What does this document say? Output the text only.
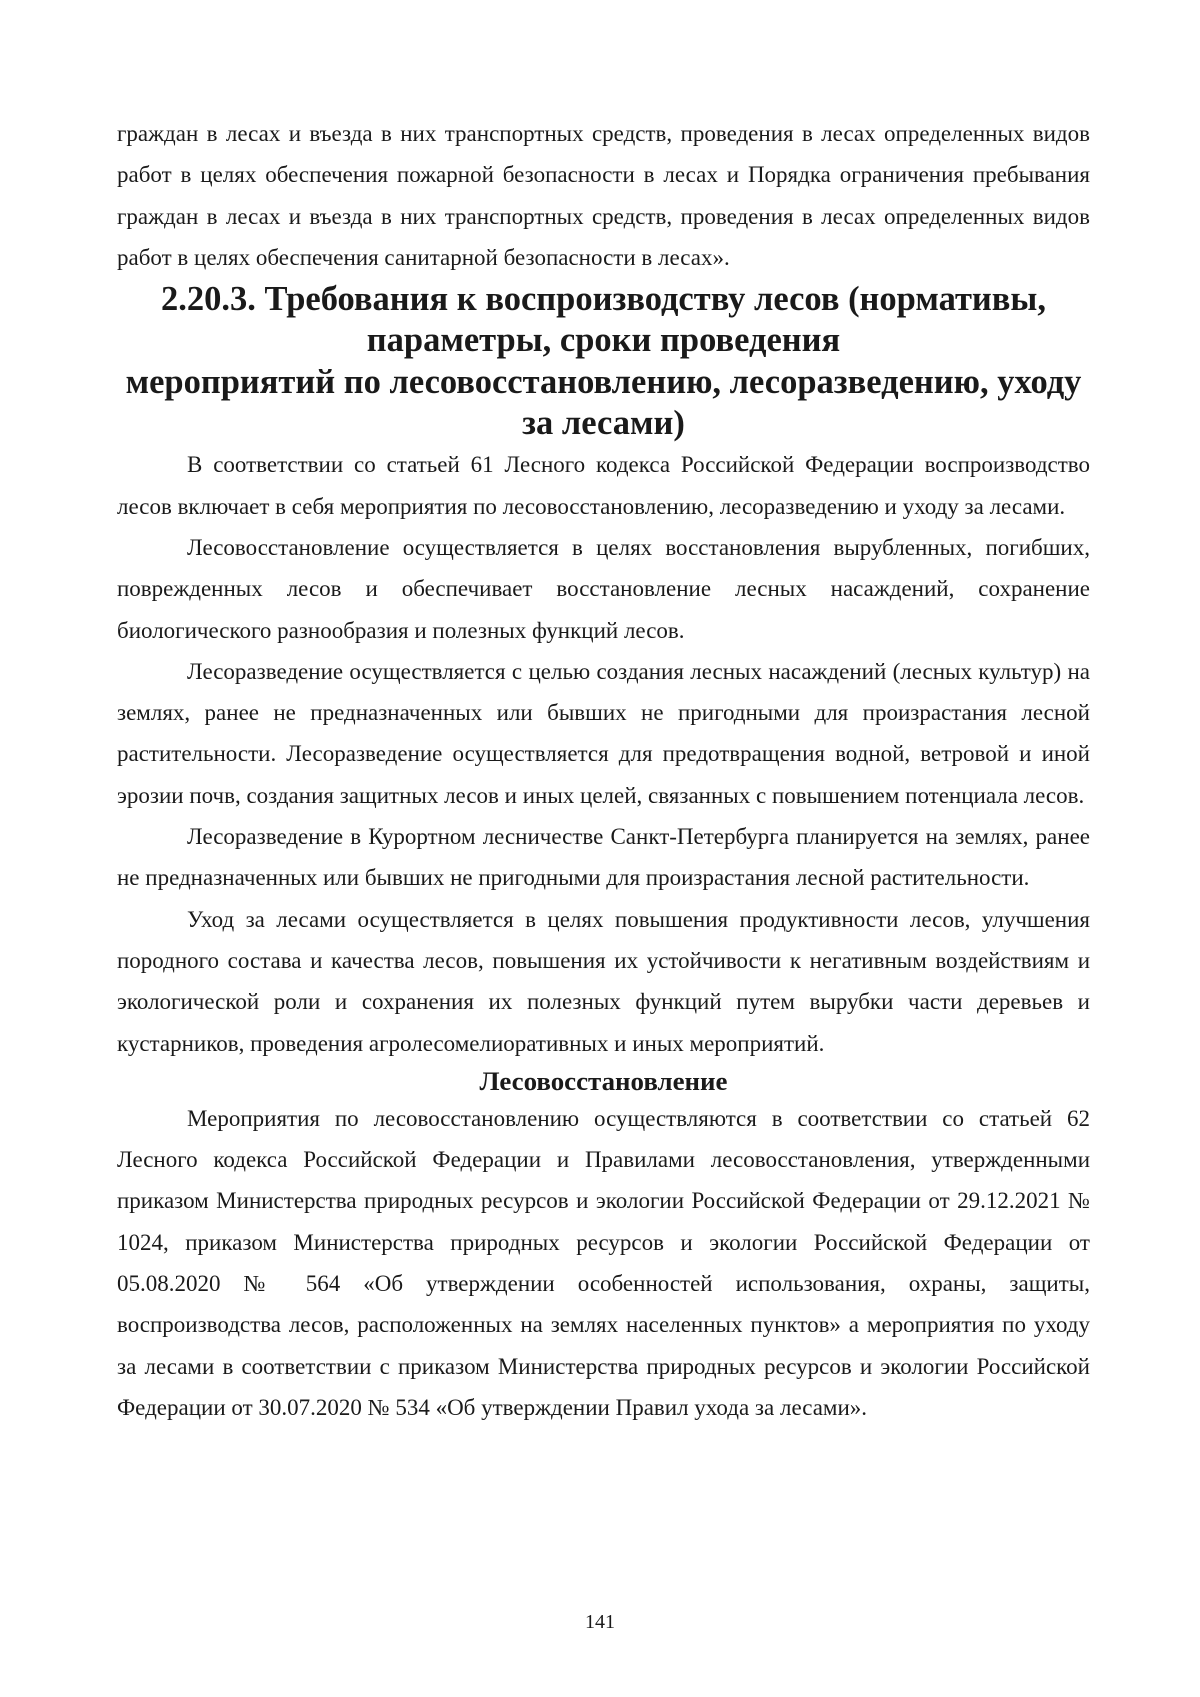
граждан в лесах и въезда в них транспортных средств, проведения в лесах определенных видов работ в целях обеспечения пожарной безопасности в лесах и Порядка ограничения пребывания граждан в лесах и въезда в них транспортных средств, проведения в лесах определенных видов работ в целях обеспечения санитарной безопасности в лесах».

2.20.3. Требования к воспроизводству лесов (нормативы, параметры, сроки проведения
мероприятий по лесовосстановлению, лесоразведению, уходу за лесами)

В соответствии со статьей 61 Лесного кодекса Российской Федерации воспроизводство лесов включает в себя мероприятия по лесовосстановлению, лесоразведению и уходу за лесами.

Лесовосстановление осуществляется в целях восстановления вырубленных, погибших, поврежденных лесов и обеспечивает восстановление лесных насаждений, сохранение биологического разнообразия и полезных функций лесов.

Лесоразведение осуществляется с целью создания лесных насаждений (лесных культур) на землях, ранее не предназначенных или бывших не пригодными для произрастания лесной растительности. Лесоразведение осуществляется для предотвращения водной, ветровой и иной эрозии почв, создания защитных лесов и иных целей, связанных с повышением потенциала лесов.

Лесоразведение в Курортном лесничестве Санкт-Петербурга планируется на землях, ранее не предназначенных или бывших не пригодными для произрастания лесной растительности.

Уход за лесами осуществляется в целях повышения продуктивности лесов, улучшения породного состава и качества лесов, повышения их устойчивости к негативным воздействиям и экологической роли и сохранения их полезных функций путем вырубки части деревьев и кустарников, проведения агролесомелиоративных и иных мероприятий.

Лесовосстановление

Мероприятия по лесовосстановлению осуществляются в соответствии со статьей 62 Лесного кодекса Российской Федерации и Правилами лесовосстановления, утвержденными приказом Министерства природных ресурсов и экологии Российской Федерации от 29.12.2021 № 1024, приказом Министерства природных ресурсов и экологии Российской Федерации от 05.08.2020 № 564 «Об утверждении особенностей использования, охраны, защиты, воспроизводства лесов, расположенных на землях населенных пунктов» а мероприятия по уходу за лесами в соответствии с приказом Министерства природных ресурсов и экологии Российской Федерации от 30.07.2020 № 534 «Об утверждении Правил ухода за лесами».

141
